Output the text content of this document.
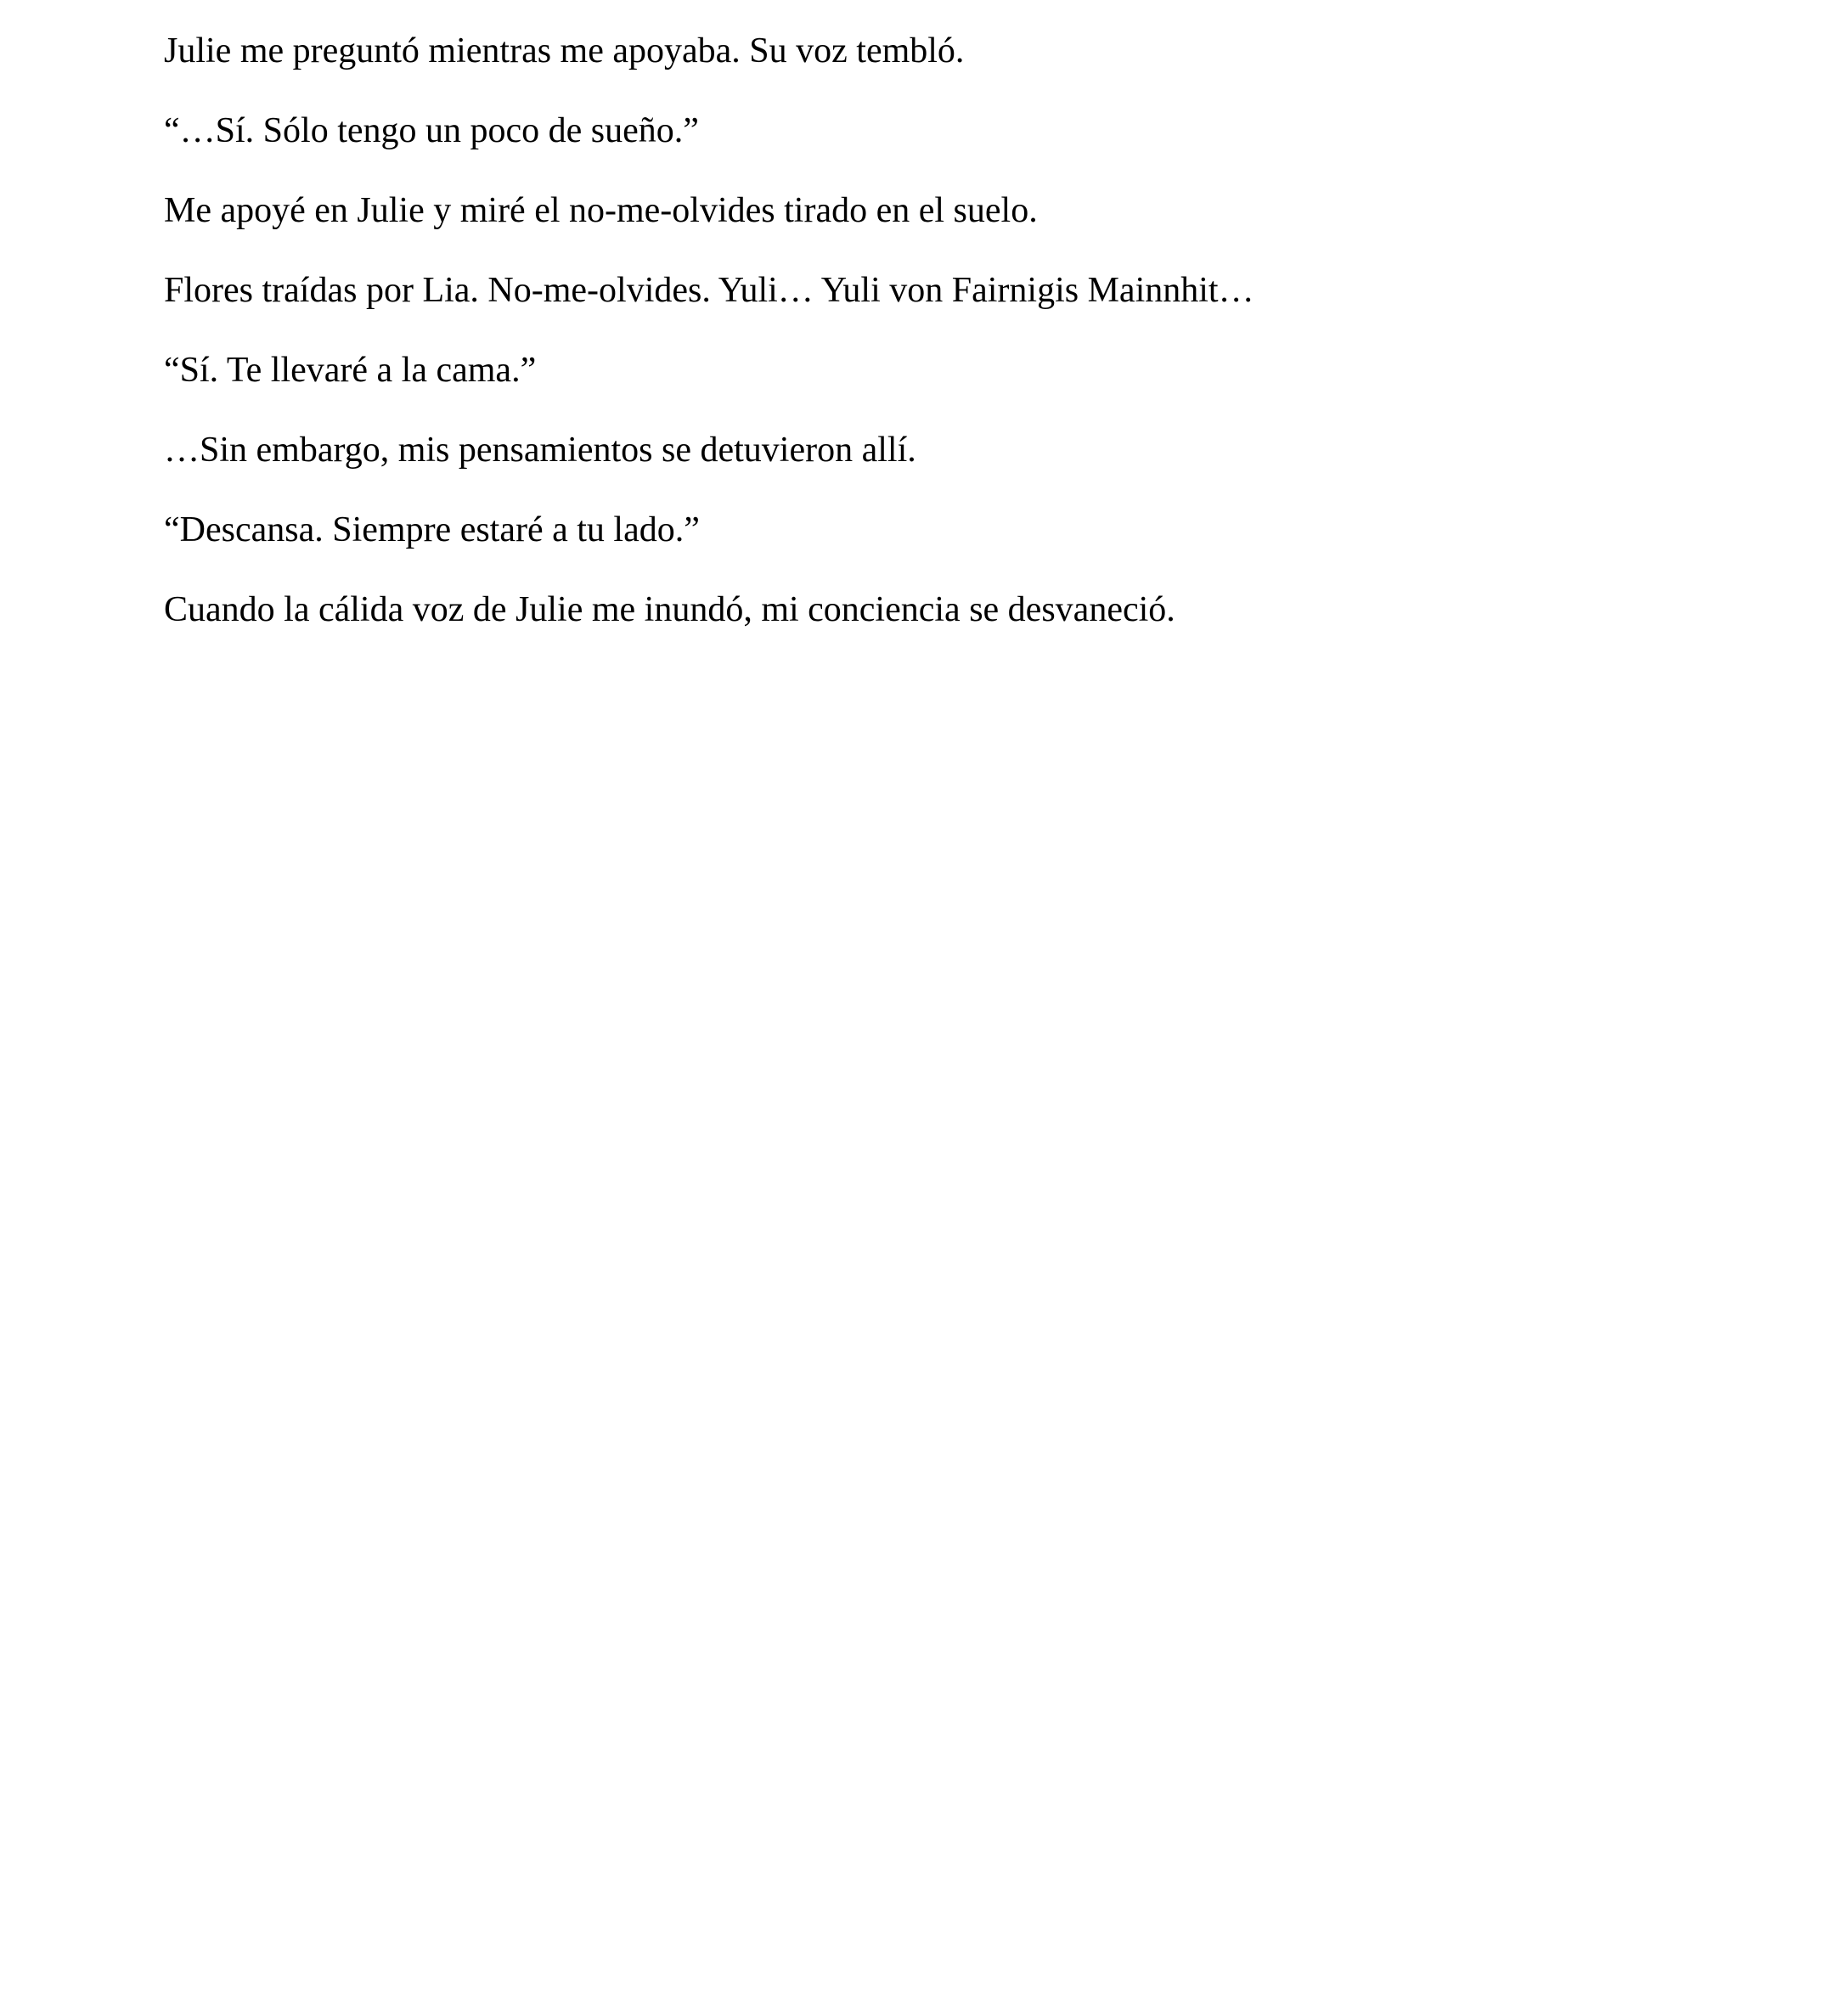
Julie me preguntó mientras me apoyaba. Su voz tembló.

“…Sí. Sólo tengo un poco de sueño.”

Me apoyé en Julie y miré el no-me-olvides tirado en el suelo.

Flores traídas por Lia. No-me-olvides. Yuli… Yuli von Fairnigis Mainnhit…

“Sí. Te llevaré a la cama.”

…Sin embargo, mis pensamientos se detuvieron allí.

“Descansa. Siempre estaré a tu lado.”

Cuando la cálida voz de Julie me inundó, mi conciencia se desvaneció.
